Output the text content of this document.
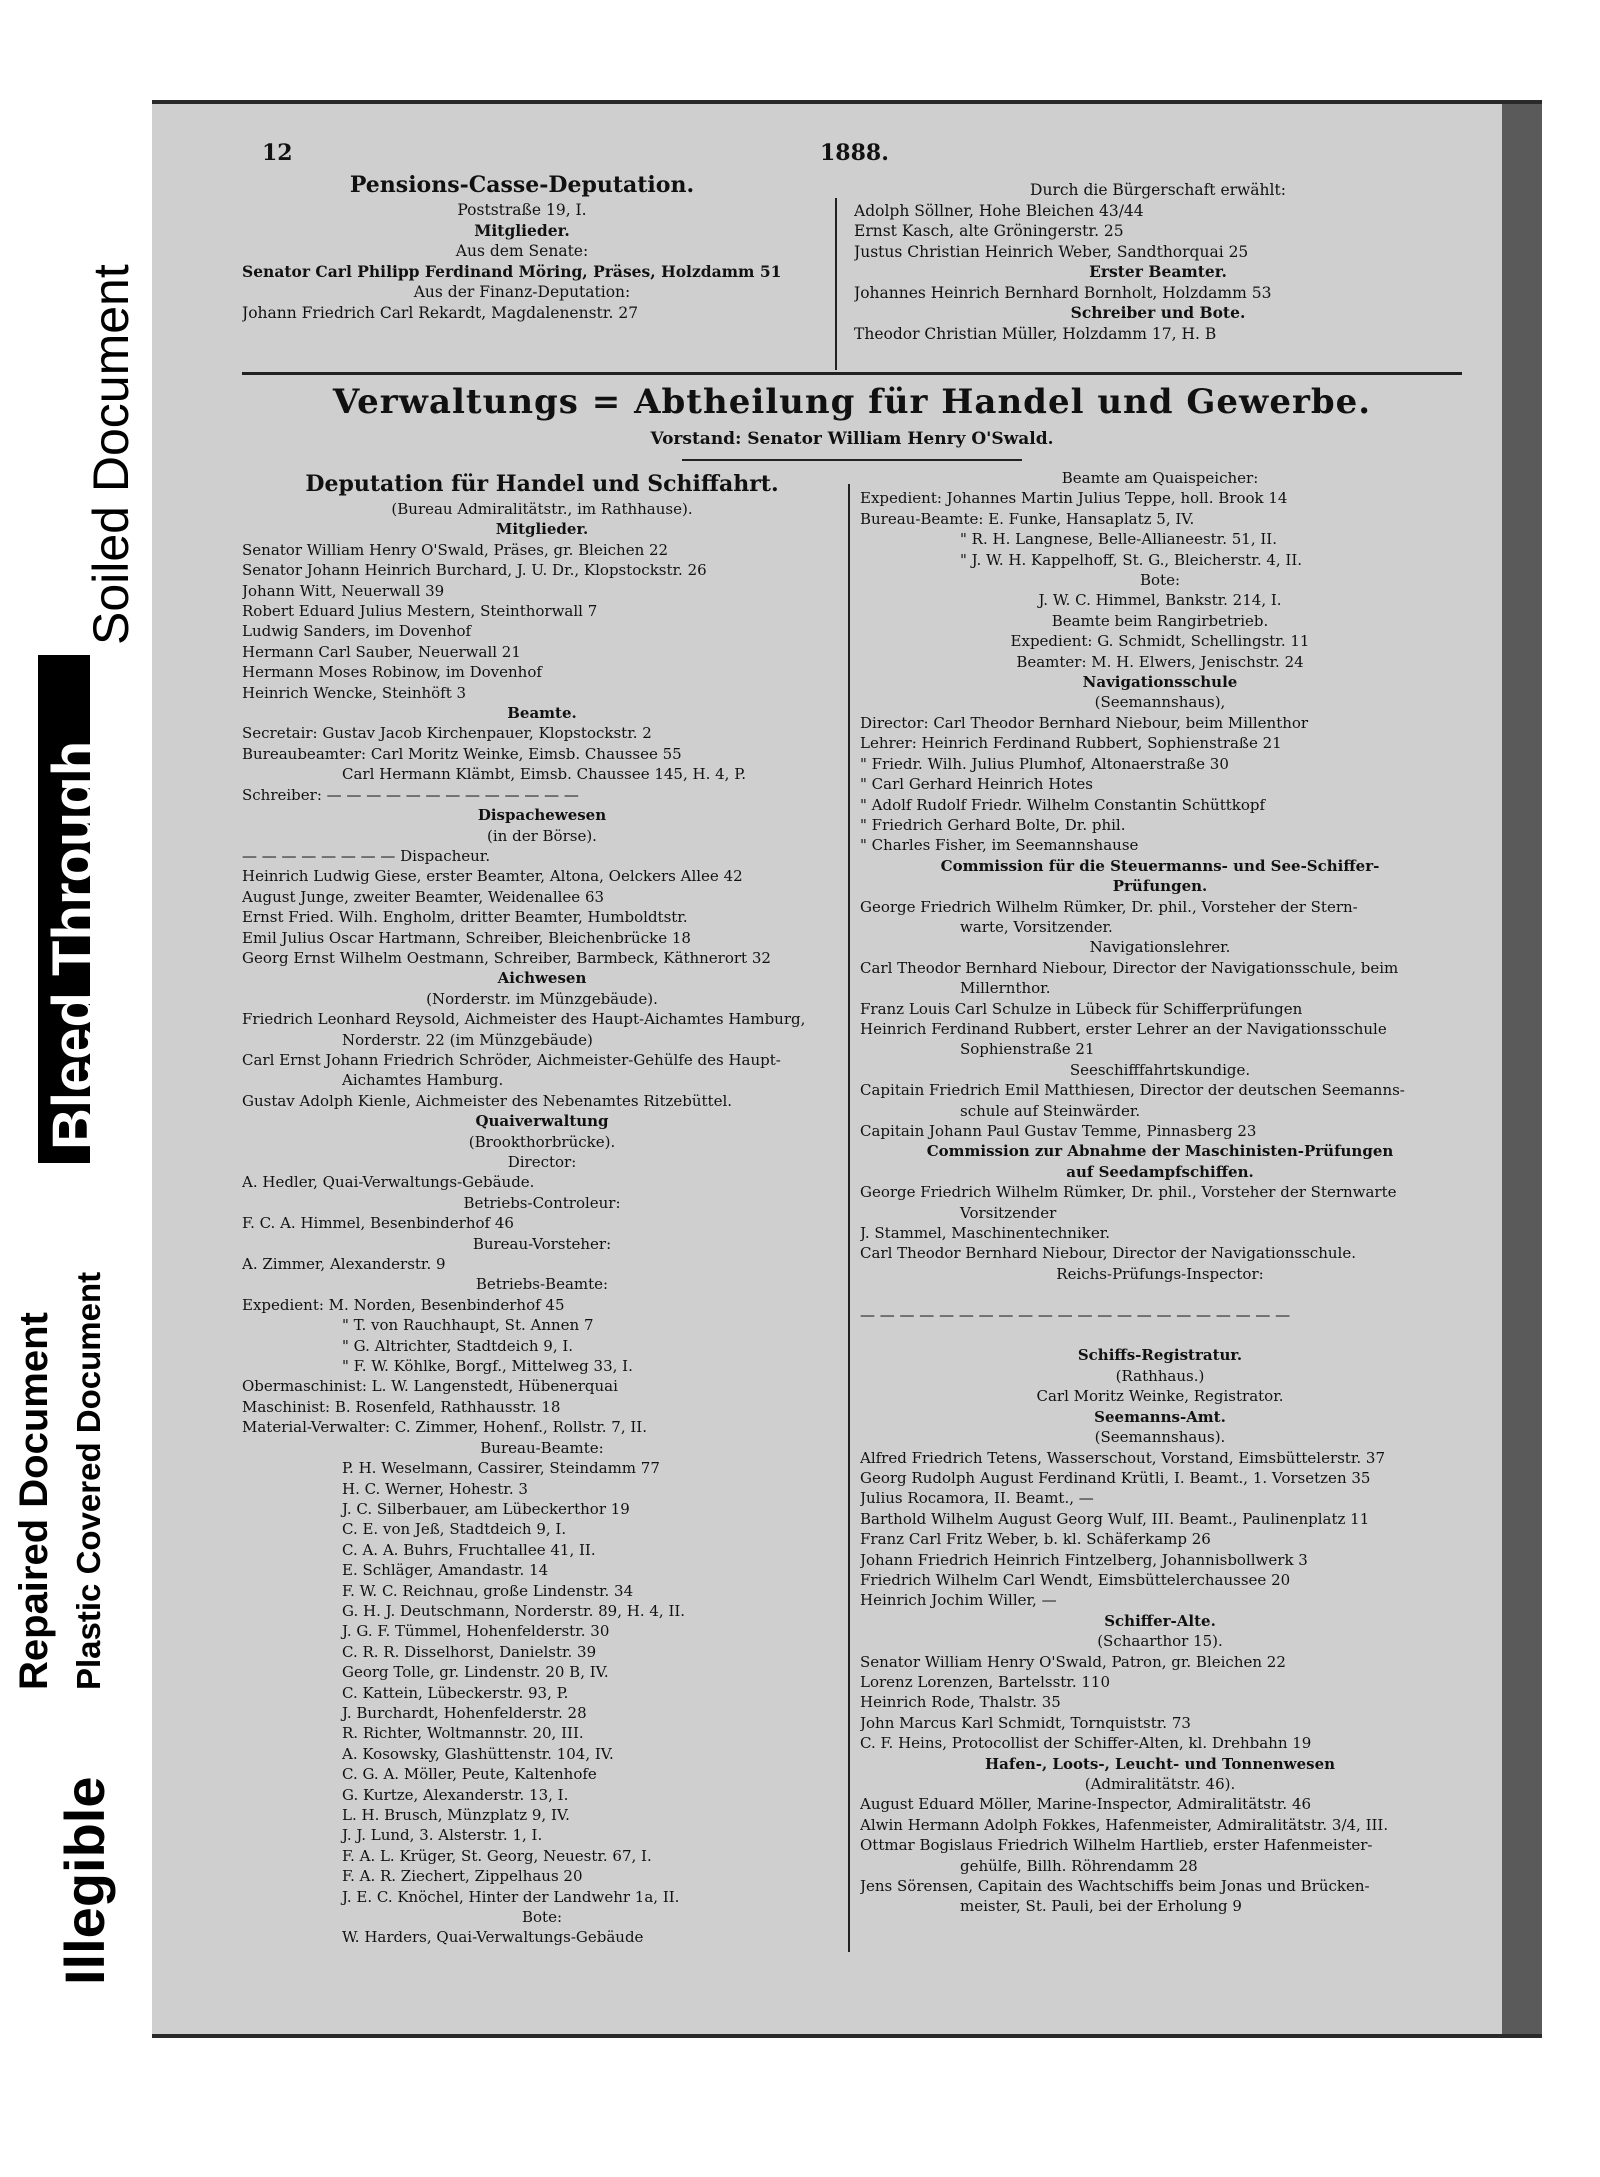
Soiled Document
Bleed Through
Repaired Document Plastic Covered Document
Illegible
12	1888.
Pensions-Casse-Deputation.
Poststraße 19, I.
Mitglieder.
Aus dem Senate:
Senator Carl Philipp Ferdinand Möring, Präses, Holzdamm 51
Aus der Finanz-Deputation:
Johann Friedrich Carl Rekardt, Magdalenenstr. 27
Durch die Bürgerschaft erwählt:
Adolph Söllner, Hohe Bleichen 43/44
Ernst Kasch, alte Gröningerstr. 25
Justus Christian Heinrich Weber, Sandthorquai 25
Erster Beamter.
Johannes Heinrich Bernhard Bornholt, Holzdamm 53
Schreiber und Bote.
Theodor Christian Müller, Holzdamm 17, H. B
Verwaltungs = Abtheilung für Handel und Gewerbe.
Vorstand: Senator William Henry O'Swald.
Deputation für Handel und Schiffahrt.
(Bureau Admiralitätstr., im Rathhause).
Mitglieder.
Senator William Henry O'Swald, Präses, gr. Bleichen 22
Senator Johann Heinrich Burchard, J. U. Dr., Klopstockstr. 26
Johann Witt, Neuerwall 39
Robert Eduard Julius Mestern, Steinthorwall 7
Ludwig Sanders, im Dovenhof
Hermann Carl Sauber, Neuerwall 21
Hermann Moses Robinow, im Dovenhof
Heinrich Wencke, Steinhöft 3
Beamte.
Secretair: Gustav Jacob Kirchenpauer, Klopstockstr. 2
Bureaubeamter: Carl Moritz Weinke, Eimsb. Chaussee 55
Carl Hermann Klämbt, Eimsb. Chaussee 145, H. 4, P.
Schreiber: — — — — — — — — — — — — —
Dispachewesen
(in der Börse).
— — — — — — — — Dispacheur.
Heinrich Ludwig Giese, erster Beamter, Altona, Oelckers Allee 42
August Junge, zweiter Beamter, Weidenallee 63
Ernst Fried. Wilh. Engholm, dritter Beamter, Humboldtstr.
Emil Julius Oscar Hartmann, Schreiber, Bleichenbrücke 18
Georg Ernst Wilhelm Oestmann, Schreiber, Barmbeck, Käthnerort 32
Aichwesen
(Norderstr. im Münzgebäude).
Friedrich Leonhard Reysold, Aichmeister des Haupt-Aichamtes Hamburg,
Norderstr. 22 (im Münzgebäude)
Carl Ernst Johann Friedrich Schröder, Aichmeister-Gehülfe des Haupt-
Aichamtes Hamburg.
Gustav Adolph Kienle, Aichmeister des Nebenamtes Ritzebüttel.
Quaiverwaltung
(Brookthorbrücke).
Director:
A. Hedler, Quai-Verwaltungs-Gebäude.
Betriebs-Controleur:
F. C. A. Himmel, Besenbinderhof 46
Bureau-Vorsteher:
A. Zimmer, Alexanderstr. 9
Betriebs-Beamte:
Expedient: M. Norden, Besenbinderhof 45
" T. von Rauchhaupt, St. Annen 7
" G. Altrichter, Stadtdeich 9, I.
" F. W. Köhlke, Borgf., Mittelweg 33, I.
Obermaschinist: L. W. Langenstedt, Hübenerquai
Maschinist: B. Rosenfeld, Rathhausstr. 18
Material-Verwalter: C. Zimmer, Hohenf., Rollstr. 7, II.
Bureau-Beamte:
P. H. Weselmann, Cassirer, Steindamm 77
H. C. Werner, Hohestr. 3
J. C. Silberbauer, am Lübeckerthor 19
C. E. von Jeß, Stadtdeich 9, I.
C. A. A. Buhrs, Fruchtallee 41, II.
E. Schläger, Amandastr. 14
F. W. C. Reichnau, große Lindenstr. 34
G. H. J. Deutschmann, Norderstr. 89, H. 4, II.
J. G. F. Tümmel, Hohenfelderstr. 30
C. R. R. Disselhorst, Danielstr. 39
Georg Tolle, gr. Lindenstr. 20 B, IV.
C. Kattein, Lübeckerstr. 93, P.
J. Burchardt, Hohenfelderstr. 28
R. Richter, Woltmannstr. 20, III.
A. Kosowsky, Glashüttenstr. 104, IV.
C. G. A. Möller, Peute, Kaltenhofe
G. Kurtze, Alexanderstr. 13, I.
L. H. Brusch, Münzplatz 9, IV.
J. J. Lund, 3. Alsterstr. 1, I.
F. A. L. Krüger, St. Georg, Neuestr. 67, I.
F. A. R. Ziechert, Zippelhaus 20
J. E. C. Knöchel, Hinter der Landwehr 1a, II.
Bote:
W. Harders, Quai-Verwaltungs-Gebäude
Beamte am Quaispeicher:
Expedient: Johannes Martin Julius Teppe, holl. Brook 14
Bureau-Beamte: E. Funke, Hansaplatz 5, IV.
" R. H. Langnese, Belle-Allianeestr. 51, II.
" J. W. H. Kappelhoff, St. G., Bleicherstr. 4, II.
Bote:
J. W. C. Himmel, Bankstr. 214, I.
Beamte beim Rangirbetrieb.
Expedient: G. Schmidt, Schellingstr. 11
Beamter: M. H. Elwers, Jenischstr. 24
Navigationsschule
(Seemannshaus),
Director: Carl Theodor Bernhard Niebour, beim Millenthor
Lehrer: Heinrich Ferdinand Rubbert, Sophienstraße 21
" Friedr. Wilh. Julius Plumhof, Altonaerstraße 30
" Carl Gerhard Heinrich Hotes
" Adolf Rudolf Friedr. Wilhelm Constantin Schüttkopf
" Friedrich Gerhard Bolte, Dr. phil.
" Charles Fisher, im Seemannshause
Commission für die Steuermanns- und See-Schiffer-
Prüfungen.
George Friedrich Wilhelm Rümker, Dr. phil., Vorsteher der Stern-
warte, Vorsitzender.
Navigationslehrer.
Carl Theodor Bernhard Niebour, Director der Navigationsschule, beim
Millernthor.
Franz Louis Carl Schulze in Lübeck für Schifferprüfungen
Heinrich Ferdinand Rubbert, erster Lehrer an der Navigationsschule
Sophienstraße 21
Seeschifffahrtskundige.
Capitain Friedrich Emil Matthiesen, Director der deutschen Seemanns-
schule auf Steinwärder.
Capitain Johann Paul Gustav Temme, Pinnasberg 23
Commission zur Abnahme der Maschinisten-Prüfungen
auf Seedampfschiffen.
George Friedrich Wilhelm Rümker, Dr. phil., Vorsteher der Sternwarte
Vorsitzender
J. Stammel, Maschinentechniker.
Carl Theodor Bernhard Niebour, Director der Navigationsschule.
Reichs-Prüfungs-Inspector:

— — — — — — — — — — — — — — — — — — — — — —

Schiffs-Registratur.
(Rathhaus.)
Carl Moritz Weinke, Registrator.
Seemanns-Amt.
(Seemannshaus).
Alfred Friedrich Tetens, Wasserschout, Vorstand, Eimsbüttelerstr. 37
Georg Rudolph August Ferdinand Krütli, I. Beamt., 1. Vorsetzen 35
Julius Rocamora, II. Beamt., —
Barthold Wilhelm August Georg Wulf, III. Beamt., Paulinenplatz 11
Franz Carl Fritz Weber, b. kl. Schäferkamp 26
Johann Friedrich Heinrich Fintzelberg, Johannisbollwerk 3
Friedrich Wilhelm Carl Wendt, Eimsbüttelerchaussee 20
Heinrich Jochim Willer, —
Schiffer-Alte.
(Schaarthor 15).
Senator William Henry O'Swald, Patron, gr. Bleichen 22
Lorenz Lorenzen, Bartelsstr. 110
Heinrich Rode, Thalstr. 35
John Marcus Karl Schmidt, Tornquiststr. 73
C. F. Heins, Protocollist der Schiffer-Alten, kl. Drehbahn 19
Hafen-, Loots-, Leucht- und Tonnenwesen
(Admiralitätstr. 46).
August Eduard Möller, Marine-Inspector, Admiralitätstr. 46
Alwin Hermann Adolph Fokkes, Hafenmeister, Admiralitätstr. 3/4, III.
Ottmar Bogislaus Friedrich Wilhelm Hartlieb, erster Hafenmeister-
gehülfe, Billh. Röhrendamm 28
Jens Sörensen, Capitain des Wachtschiffs beim Jonas und Brücken-
meister, St. Pauli, bei der Erholung 9
